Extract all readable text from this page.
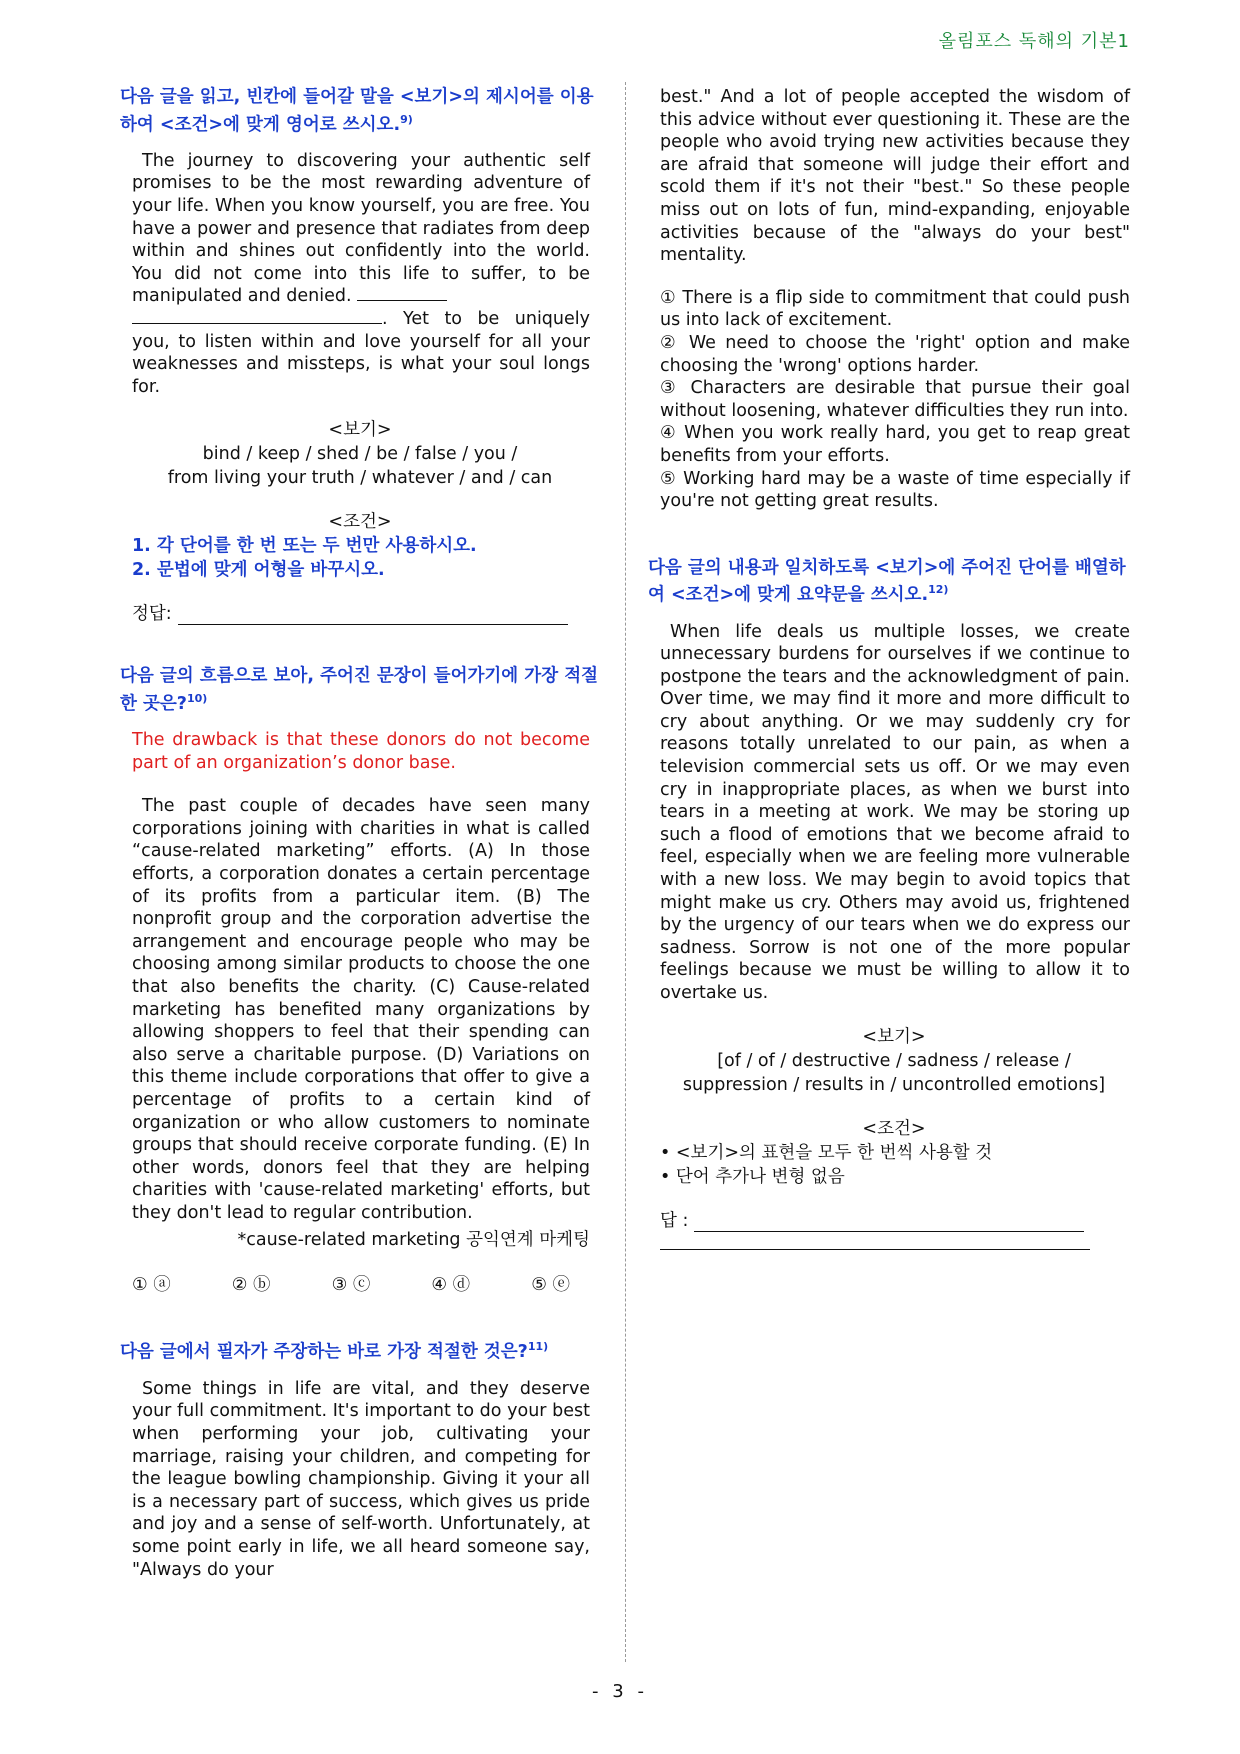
올림포스 독해의 기본1
다음 글을 읽고, 빈칸에 들어갈 말을 <보기>의 제시어를 이용하여 <조건>에 맞게 영어로 쓰시오.$^{9)}$
The journey to discovering your authentic self promises to be the most rewarding adventure of your life. When you know yourself, you are free. You have a power and presence that radiates from deep within and shines out confidently into the world. You did not come into this life to suffer, to be manipulated and denied.
. Yet to be uniquely you, to listen within and love yourself for all your weaknesses and missteps, is what your soul longs for.
<보기>
bind / keep / shed / be / false / you /
from living your truth / whatever / and / can
<조건>
1. 각 단어를 한 번 또는 두 번만 사용하시오.
2. 문법에 맞게 어형을 바꾸시오.
정답:
다음 글의 흐름으로 보아, 주어진 문장이 들어가기에 가장 적절한 곳은?$^{10)}$
The drawback is that these donors do not become part of an organization’s donor base.
The past couple of decades have seen many corporations joining with charities in what is called “cause-related marketing” efforts. (A) In those efforts, a corporation donates a certain percentage of its profits from a particular item. (B) The nonprofit group and the corporation advertise the arrangement and encourage people who may be choosing among similar products to choose the one that also benefits the charity. (C) Cause-related marketing has benefited many organizations by allowing shoppers to feel that their spending can also serve a charitable purpose. (D) Variations on this theme include corporations that offer to give a percentage of profits to a certain kind of organization or who allow customers to nominate groups that should receive corporate funding. (E) In other words, donors feel that they are helping charities with 'cause-related marketing' efforts, but they don't lead to regular contribution.
*cause-related marketing 공익연계 마케팅
① ⓐ	② ⓑ	③ ⓒ	④ ⓓ	⑤ ⓔ
다음 글에서 필자가 주장하는 바로 가장 적절한 것은?$^{11)}$
Some things in life are vital, and they deserve your full commitment. It's important to do your best when performing your job, cultivating your marriage, raising your children, and competing for the league bowling championship. Giving it your all is a necessary part of success, which gives us pride and joy and a sense of self-worth. Unfortunately, at some point early in life, we all heard someone say, "Always do your
best." And a lot of people accepted the wisdom of this advice without ever questioning it. These are the people who avoid trying new activities because they are afraid that someone will judge their effort and scold them if it's not their "best." So these people miss out on lots of fun, mind-expanding, enjoyable activities because of the "always do your best" mentality.
① There is a flip side to commitment that could push us into lack of excitement.
② We need to choose the 'right' option and make choosing the 'wrong' options harder.
③ Characters are desirable that pursue their goal without loosening, whatever difficulties they run into.
④ When you work really hard, you get to reap great benefits from your efforts.
⑤ Working hard may be a waste of time especially if you're not getting great results.
다음 글의 내용과 일치하도록 <보기>에 주어진 단어를 배열하여 <조건>에 맞게 요약문을 쓰시오.$^{12)}$
When life deals us multiple losses, we create unnecessary burdens for ourselves if we continue to postpone the tears and the acknowledgment of pain. Over time, we may find it more and more difficult to cry about anything. Or we may suddenly cry for reasons totally unrelated to our pain, as when a television commercial sets us off. Or we may even cry in inappropriate places, as when we burst into tears in a meeting at work. We may be storing up such a flood of emotions that we become afraid to feel, especially when we are feeling more vulnerable with a new loss. We may begin to avoid topics that might make us cry. Others may avoid us, frightened by the urgency of our tears when we do express our sadness. Sorrow is not one of the more popular feelings because we must be willing to allow it to overtake us.
<보기>
[of / of / destructive / sadness / release /
suppression / results in / uncontrolled emotions]
<조건>
• <보기>의 표현을 모두 한 번씩 사용할 것
• 단어 추가나 변형 없음
답 :
- 3 -
